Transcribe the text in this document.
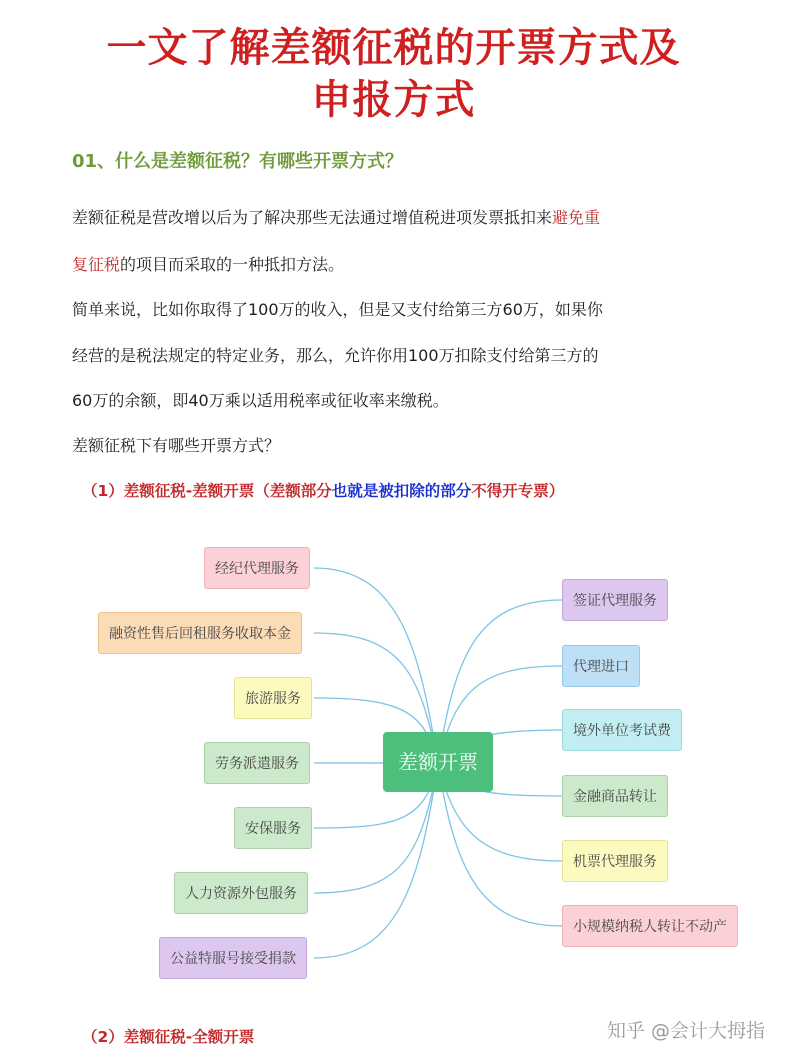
一文了解差额征税的开票方式及
申报方式
01、什么是差额征税？有哪些开票方式？
差额征税是营改增以后为了解决那些无法通过增值税进项发票抵扣来避免重
复征税的项目而采取的一种抵扣方法。
简单来说，比如你取得了100万的收入，但是又支付给第三方60万，如果你
经营的是税法规定的特定业务，那么，允许你用100万扣除支付给第三方的
60万的余额，即40万乘以适用税率或征收率来缴税。
差额征税下有哪些开票方式？
（1）差额征税-差额开票（差额部分也就是被扣除的部分不得开专票）
经纪代理服务
融资性售后回租服务收取本金
旅游服务
劳务派遣服务
安保服务
人力资源外包服务
公益特服号接受捐款
差额开票
签证代理服务
代理进口
境外单位考试费
金融商品转让
机票代理服务
小规模纳税人转让不动产
（2）差额征税-全额开票	知乎 @会计大拇指
